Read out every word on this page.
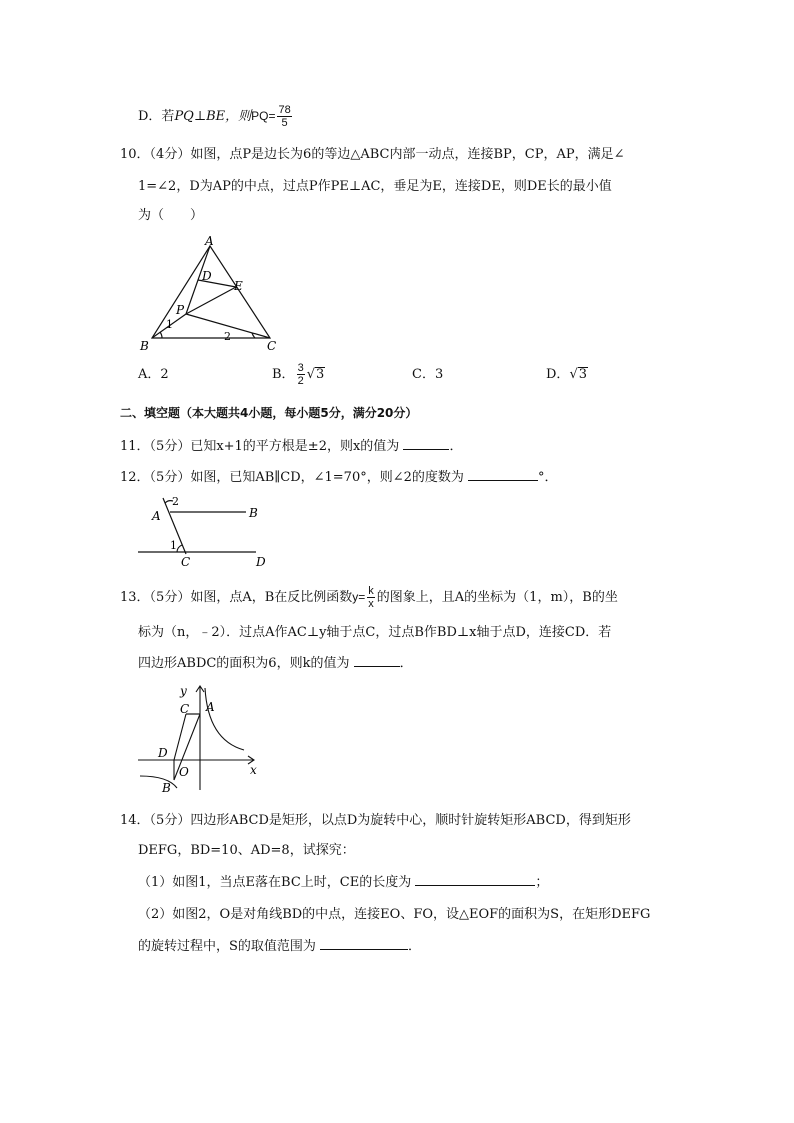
D．若PQ⊥BE，则$PQ= \frac{78}{5}$
10．（4分）如图，点P是边长为6的等边△ABC内部一动点，连接BP，CP，AP，满足∠
1=∠2，D为AP的中点，过点P作PE⊥AC，垂足为E，连接DE，则DE长的最小值
为（　　）
A
B	C
D
E
P
1
2
A．2	B． $\frac{3}{2} √3$	C．3	D．√3
二、填空题（本大题共4小题，每小题5分，满分20分）
11．（5分）已知x+1的平方根是±2，则x的值为	．
12．（5分）如图，已知AB∥CD，∠1=70°，则∠2的度数为	°．
2
A	B
1
C	D
13．（5分）如图，点A，B在反比例函数$y= \frac{k}{x}$ 的图象上，且A的坐标为（1，m），B的坐
标为（n，﹣2）．过点A作AC⊥y轴于点C，过点B作BD⊥x轴于点D，连接CD．若
四边形ABDC的面积为6，则k的值为	．
y
C A
D
O
B
x
14．（5分）四边形ABCD是矩形，以点D为旋转中心，顺时针旋转矩形ABCD，得到矩形
DEFG，BD=10、AD=8，试探究：
（1）如图1，当点E落在BC上时，CE的长度为	；
（2）如图2，O是对角线BD的中点，连接EO、FO，设△EOF的面积为S，在矩形DEFG
的旋转过程中，S的取值范围为	．
